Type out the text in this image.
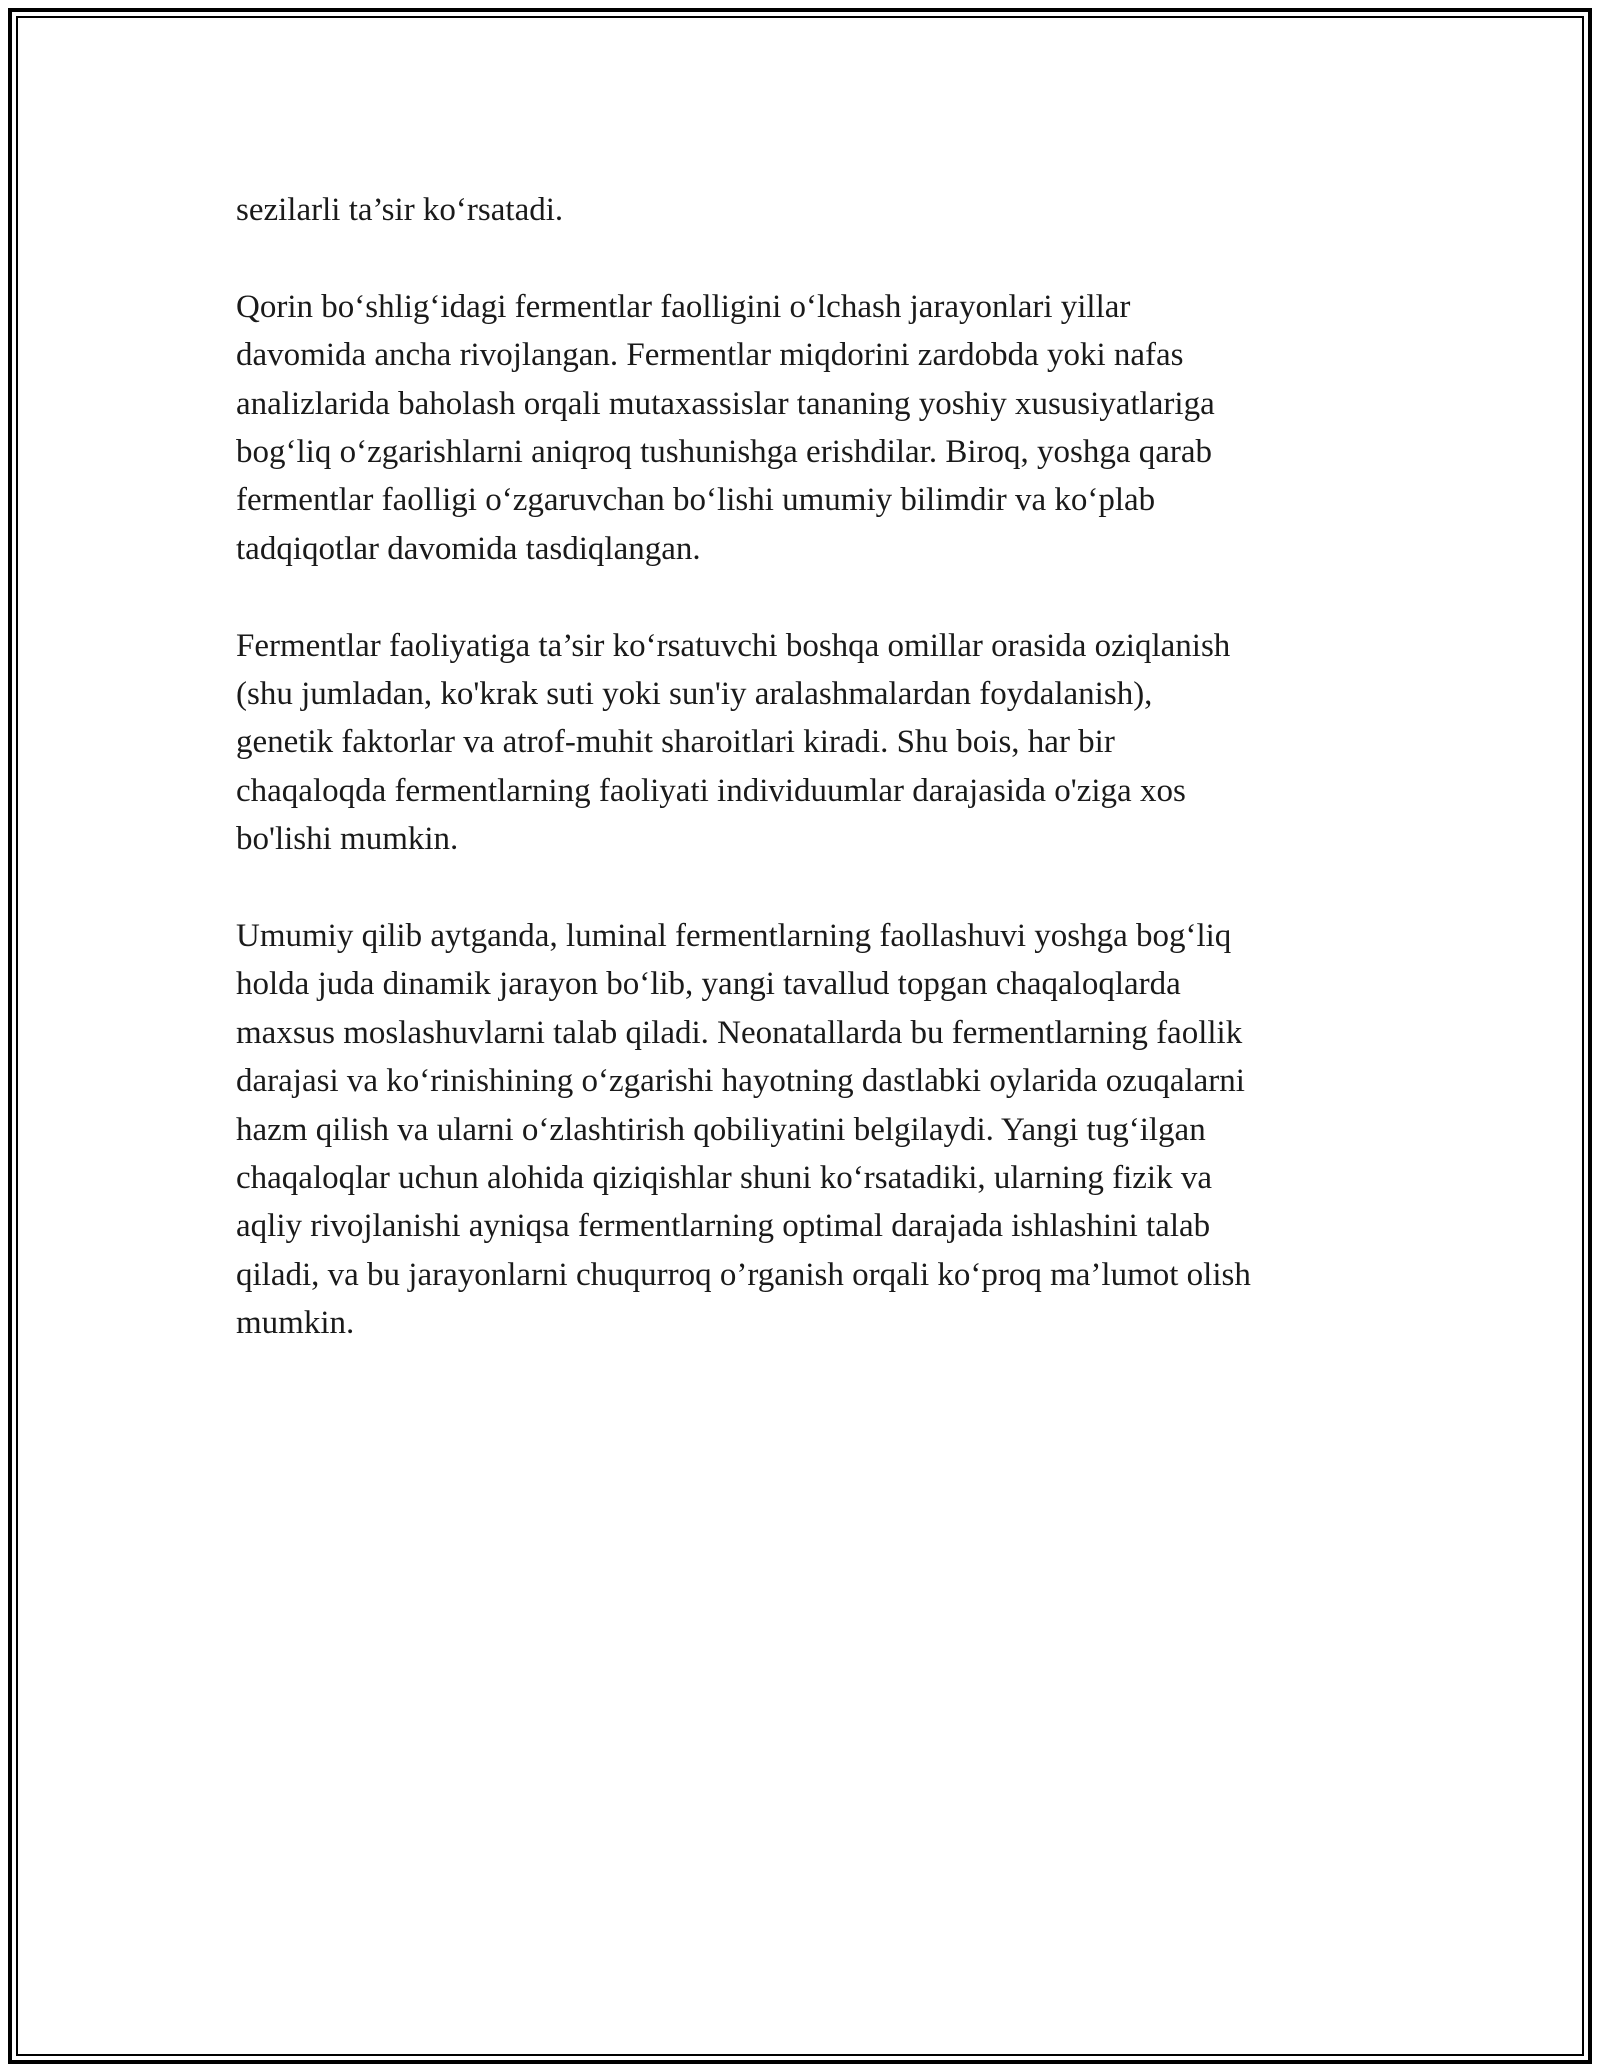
sezilarli ta’sir ko‘rsatadi.

Qorin bo‘shlig‘idagi fermentlar faolligini o‘lchash jarayonlari yillar
davomida ancha rivojlangan. Fermentlar miqdorini zardobda yoki nafas
analizlarida baholash orqali mutaxassislar tananing yoshiy xususiyatlariga
bog‘liq o‘zgarishlarni aniqroq tushunishga erishdilar. Biroq, yoshga qarab
fermentlar faolligi o‘zgaruvchan bo‘lishi umumiy bilimdir va ko‘plab
tadqiqotlar davomida tasdiqlangan.

Fermentlar faoliyatiga ta’sir ko‘rsatuvchi boshqa omillar orasida oziqlanish
(shu jumladan, ko'krak suti yoki sun'iy aralashmalardan foydalanish),
genetik faktorlar va atrof-muhit sharoitlari kiradi. Shu bois, har bir
chaqaloqda fermentlarning faoliyati individuumlar darajasida o'ziga xos
bo'lishi mumkin.

Umumiy qilib aytganda, luminal fermentlarning faollashuvi yoshga bog‘liq
holda juda dinamik jarayon bo‘lib, yangi tavallud topgan chaqaloqlarda
maxsus moslashuvlarni talab qiladi. Neonatallarda bu fermentlarning faollik
darajasi va ko‘rinishining o‘zgarishi hayotning dastlabki oylarida ozuqalarni
hazm qilish va ularni o‘zlashtirish qobiliyatini belgilaydi. Yangi tug‘ilgan
chaqaloqlar uchun alohida qiziqishlar shuni ko‘rsatadiki, ularning fizik va
aqliy rivojlanishi ayniqsa fermentlarning optimal darajada ishlashini talab
qiladi, va bu jarayonlarni chuqurroq o’rganish orqali ko‘proq ma’lumot olish
mumkin.
